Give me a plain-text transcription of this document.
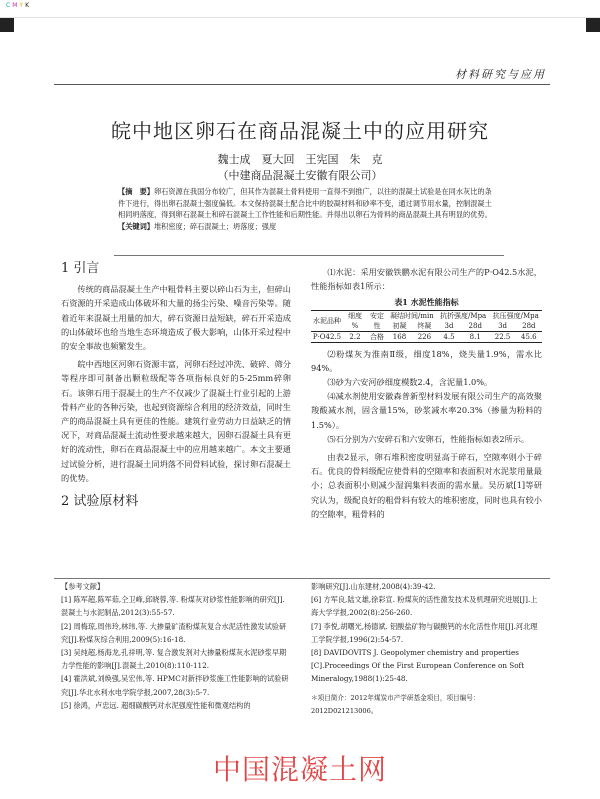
C M Y K
材料研究与应用
皖中地区卵石在商品混凝土中的应用研究
魏士成　夏大回　王宪国　朱　克
（中建商品混凝土安徽有限公司）
【摘　要】卵石资源在我国分布较广，但其作为混凝土骨料使用一直得不到推广，以往的混凝土试验是在同水灰比的条件下进行，得出卵石混凝土强度偏低。本文保持混凝土配合比中的胶凝材料和砂率不变，通过调节用水量，控制混凝土相同坍落度，得到卵石混凝土和碎石混凝土工作性能和后期性能。并得出以卵石为骨料的商品混凝土具有明显的优势。
【关键词】堆积密度；碎石混凝土；坍落度；强度
1 引言

传统的商品混凝土生产中粗骨料主要以碎山石为主，但碎山石资源的开采造成山体破坏和大量的扬尘污染、噪音污染等。随着近年来混凝土用量的加大，碎石资源日益短缺，碎石开采造成的山体破坏也给当地生态环境造成了极大影响，山体开采过程中的安全事故也频繁发生。

皖中西地区河卵石资源丰富，河卵石经过冲洗、破碎、筛分等程序即可制备出颗粒级配等各项指标良好的5-25mm碎卵石。该卵石用于混凝土的生产不仅减少了混凝土行业引起的上游骨料产业的各种污染，也起到资源综合利用的经济效益，同时生产的商品混凝土具有更佳的性能。建筑行业劳动力日益缺乏的情况下，对商品混凝土流动性要求越来越大，因卵石混凝土具有更好的流动性，卵石在商品混凝土中的应用越来越广。本文主要通过试验分析，进行混凝土同坍落不同骨料试验，探讨卵石混凝土的优势。

2 试验原材料

⑴水泥：采用安徽铁鹏水泥有限公司生产的P·O42.5水泥，性能指标如表1所示：

表1 水泥性能指标
水泥品种	细度 %	安定性	凝结时间/min		抗折强度/Mpa		抗压强度/Mpa	
			初凝	终凝	3d	28d	3d	28d
P·O42.5	2.2	合格	168	226	4.5	8.1	22.5	45.6

⑵粉煤灰为淮南Ⅱ级，细度18%，烧失量1.9%，需水比94%。

⑶砂为六安河砂细度模数2.4，含泥量1.0%。

⑷减水剂使用安徽森普新型材料发展有限公司生产的高效聚羧酸减水剂，固含量15%，砂浆减水率20.3%（掺量为粉料的1.5%）。

⑸石分别为六安碎石和六安卵石，性能指标如表2所示。

由表2显示，卵石堆积密度明显高于碎石，空隙率则小于碎石。优良的骨料级配应使骨料的空隙率和表面积对水泥浆用量最小；总表面积小则减少湿润集料表面的需水量。吴历斌[1]等研究认为，级配良好的粗骨料有较大的堆积密度，同时也具有较小的空隙率，粗骨料的

【参考文献】
[1] 陈军超,陈军茹,仝卫峰,邱晓蓉,等. 粉煤灰对砂浆性能影响的研究[J].混凝土与水泥制品,2012(3):55-57.
[2] 周梅琼,周伟玲,林玮,等. 大掺量矿渣粉煤灰复合水泥活性激发试验研究[J].粉煤灰综合利用,2009(5):16-18.
[3] 吴纯超,杨海龙,孔祥明,等. 复合激发剂对大掺量粉煤灰水泥砂浆早期力学性能的影响[J].混凝土,2010(8):110-112.
[4] 霍洪斌,刘焕强,吴宏伟,等. HPMC对新拌砂浆施工性能影响的试验研究[J].华北水利水电学院学报,2007,28(3):5-7.
[5] 徐鸿，卢忠远. 超细碳酸钙对水泥强度性能和微观结构的
影响研究[J].山东建材,2008(4):39-42.
[6] 方军良,陆文雄,徐彩宣. 粉煤灰的活性激发技术及机理研究进展[J].上海大学学报,2002(8):256-260.
[7] 李悦,胡曙光,杨德斌. 铝酸盐矿物与碳酸钙的水化活性作用[J].河北理工学院学报,1996(2):54-57.
[8] DAVIDOVITS J. Geopolymer chemistry and properties [C].Proceedings Of the First European Conference on Soft Mineralogy,1988(1):25-48.
＊项目简介：2012年煤炭市产学研基金项目，项目编号：2012D021213006。
中国混凝土网
